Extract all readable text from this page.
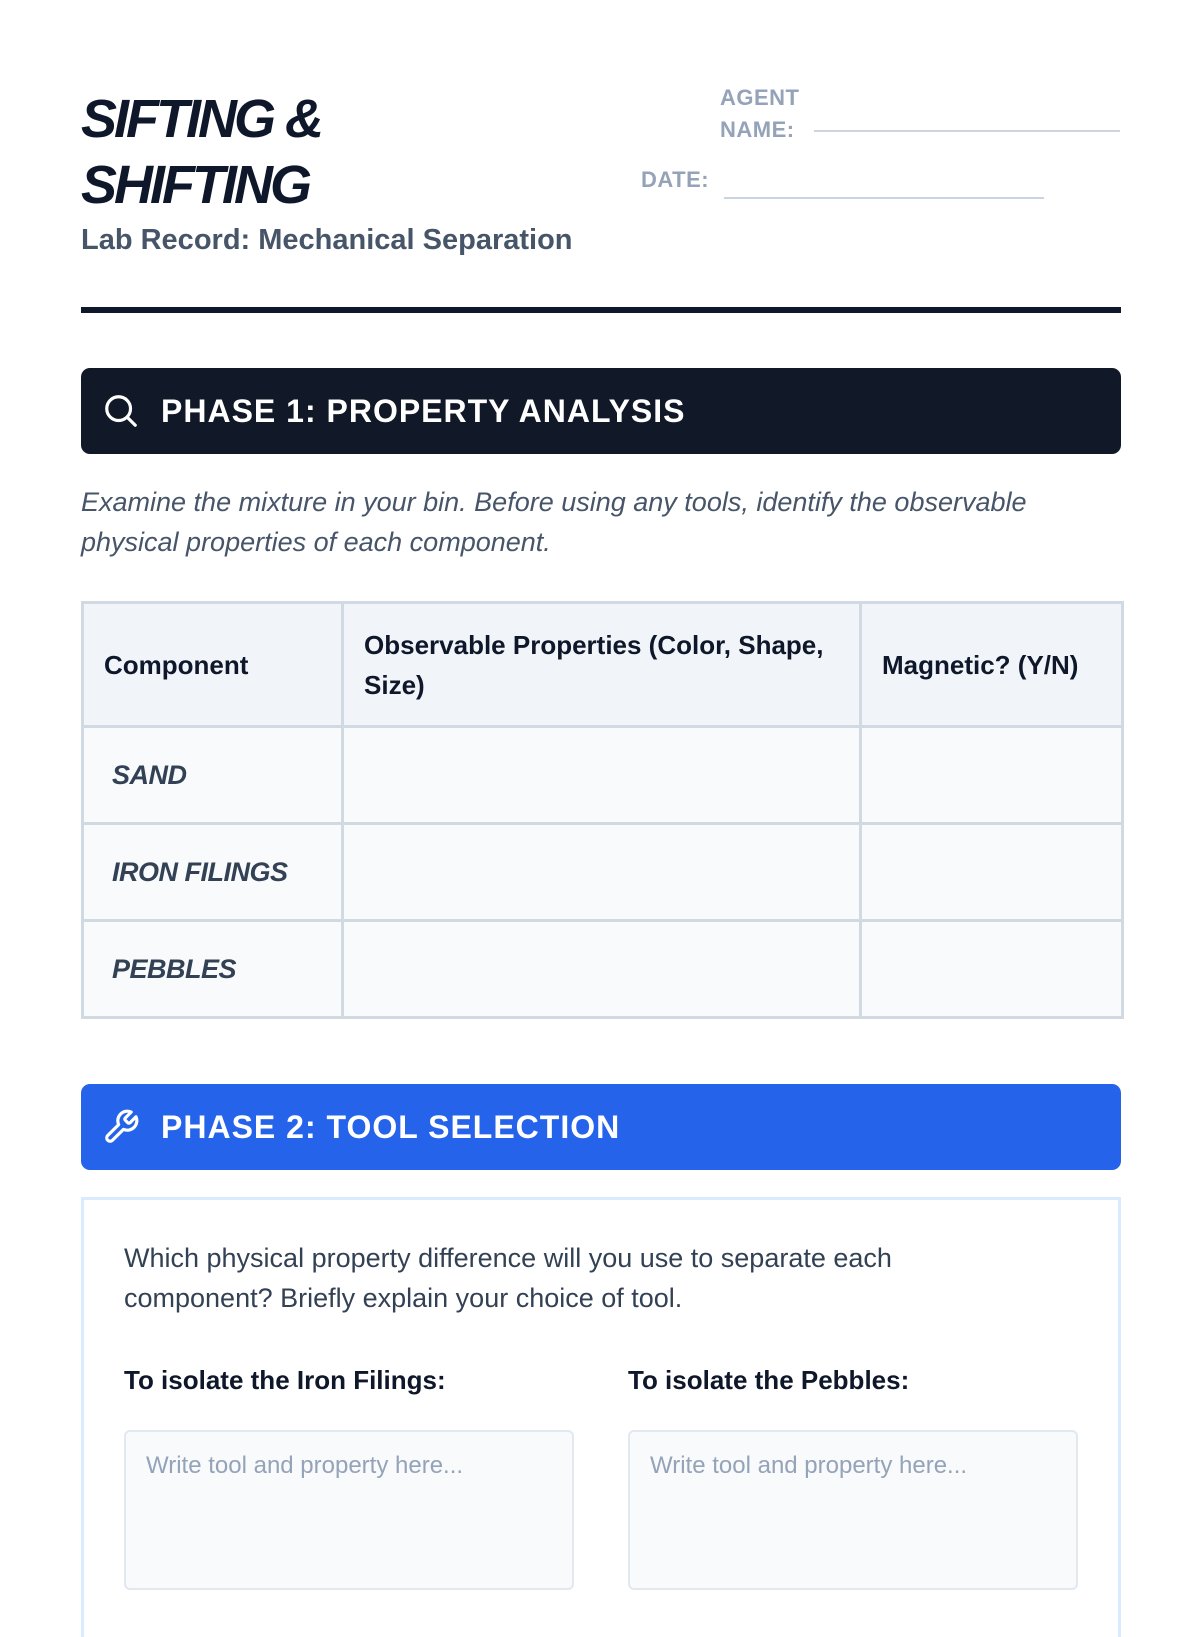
SIFTING &
SHIFTING
Lab Record: Mechanical Separation
AGENT NAME:
DATE:
PHASE 1: PROPERTY ANALYSIS
Examine the mixture in your bin. Before using any tools, identify the observable physical properties of each component.
Component	Observable Properties (Color, Shape, Size)	Magnetic? (Y/N)
SAND		
IRON FILINGS		
PEBBLES		
PHASE 2: TOOL SELECTION
Which physical property difference will you use to separate each component? Briefly explain your choice of tool.
To isolate the Iron Filings:	To isolate the Pebbles:
Write tool and property here...
Write tool and property here...
